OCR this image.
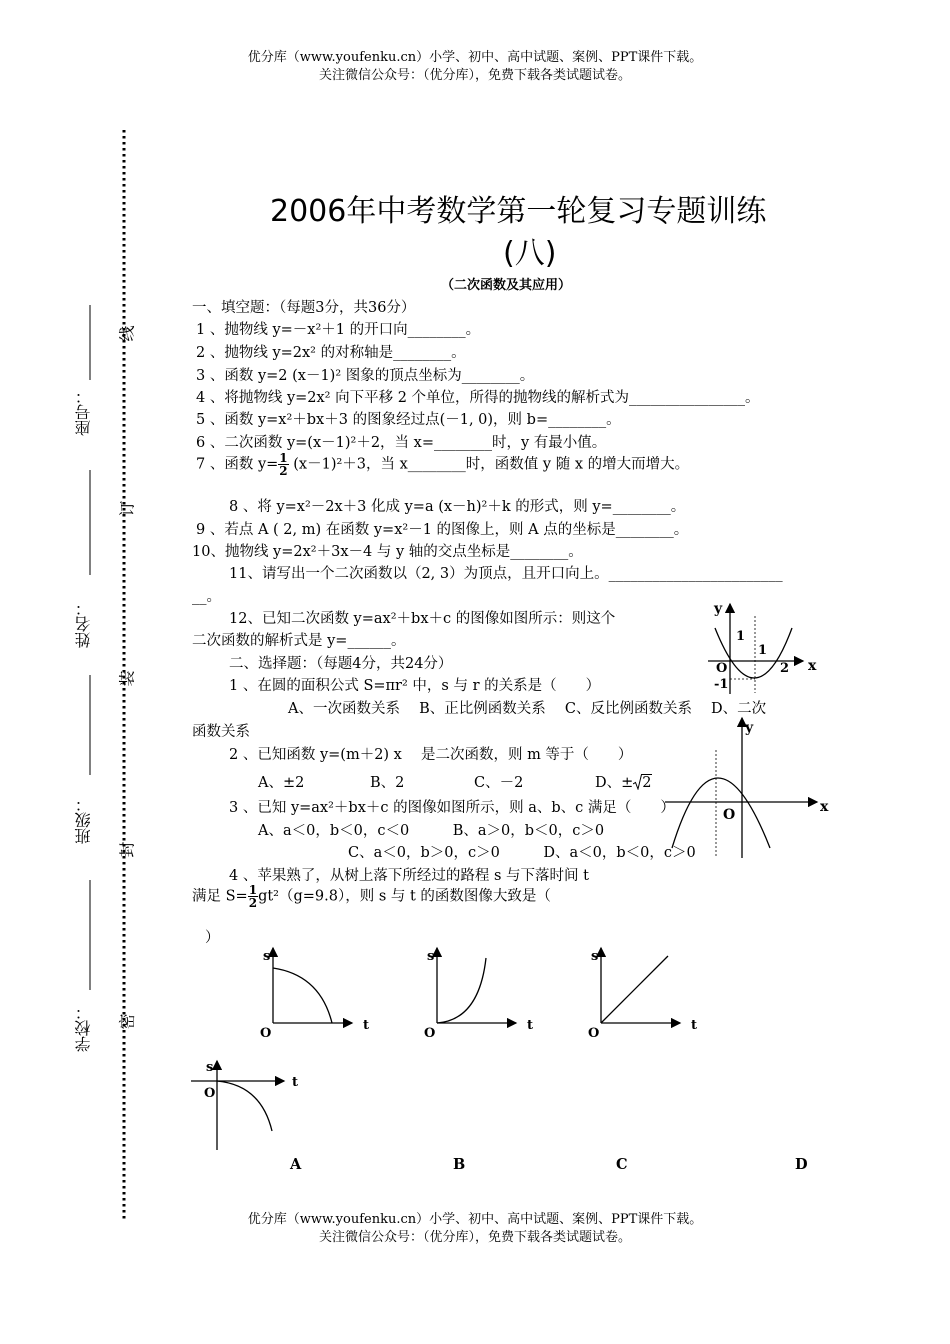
优分库（www.youfenku.cn）小学、初中、高中试题、案例、PPT课件下载。
关注微信公众号：（优分库），免费下载各类试题试卷。
座号：
姓名：
班级：
学校：
线
订
装
封
密
2006年中考数学第一轮复习专题训练
(八)
（二次函数及其应用）
一、填空题：（每题3分，共36分）
1 、抛物线 y=－x²＋1 的开口向________。
2 、抛物线 y=2x² 的对称轴是________。
3 、函数 y=2 (x－1)² 图象的顶点坐标为________。
4 、将抛物线 y=2x² 向下平移 2 个单位，所得的抛物线的解析式为________________。
5 、函数 y=x²＋bx＋3 的图象经过点(－1, 0)，则 b=________。
6 、二次函数 y=(x－1)²＋2，当 x=________时，y 有最小值。
7 、函数 $y= \frac{1}{2} (x-1)^2+3$，当 x________时，函数值 y 随 x 的增大而增大。
8 、将 y=x²－2x＋3 化成 y=a (x－h)²＋k 的形式，则 y=________。
9 、若点 A ( 2, m) 在函数 y=x²－1 的图像上，则 A 点的坐标是________。
10、抛物线 y=2x²＋3x－4 与 y 轴的交点坐标是________。
11、请写出一个二次函数以（2, 3）为顶点，且开口向上。________________________
__。
12、已知二次函数 y=ax²＋bx＋c 的图像如图所示：则这个
二次函数的解析式是 y=______。
y
x
1
1
O	2
-1
二、选择题：（每题4分，共24分）
1 、在圆的面积公式 S=πr² 中，s 与 r 的关系是（　　）
A、一次函数关系　 B、正比例函数关系　 C、反比例函数关系　 D、二次
函数关系
2 、已知函数 y=(m＋2) x　 是二次函数，则 m 等于（　　）
A、±2	B、2	C、－2	D、± 2
3 、已知 y=ax²＋bx＋c 的图像如图所示，则 a、b、c 满足（　　）
A、a＜0，b＜0，c＜0　　　B、a＞0，b＜0，c＞0
C、a＜0，b＞0，c＞0　　　D、a＜0，b＜0，c＞0
y
x
O
4 、苹果熟了，从树上落下所经过的路程 s 与下落时间 t
满足 $S= \frac{1}{2} gt^2(g=9.8)$，则 s 与 t 的函数图像大致是（
）
s
t
O
s
t
O
s
t
O
s
t
O
A	B	C	D
优分库（www.youfenku.cn）小学、初中、高中试题、案例、PPT课件下载。
关注微信公众号：（优分库），免费下载各类试题试卷。
